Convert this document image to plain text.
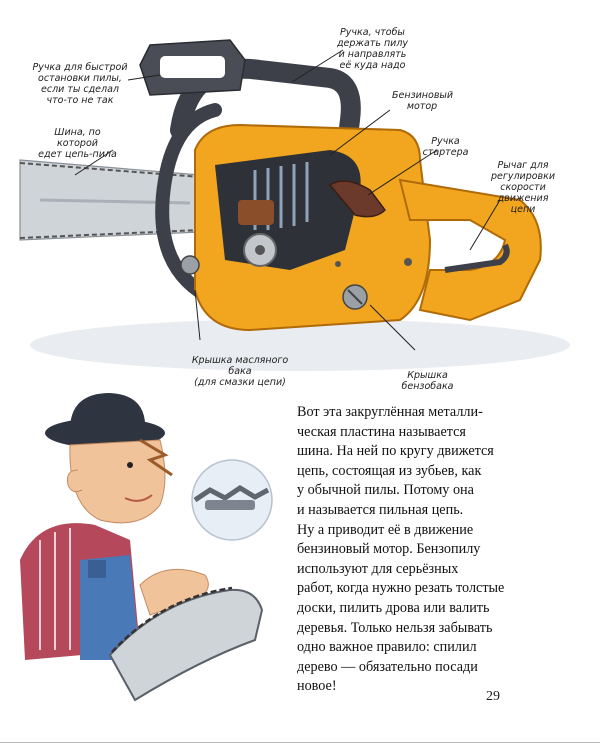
Ручка для быстрой
остановки пилы,
если ты сделал
что-то не так
Шина, по которой
едет цепь-пила
Ручка, чтобы
держать пилу
и направлять
её куда надо
Бензиновый
мотор
Ручка
стартера
Рычаг для
регулировки
скорости
движения
цепи
Крышка масляного бака
(для смазки цепи)
Крышка
бензобака
Вот эта закруглённая металли-
ческая пластина называется
шина. На ней по кругу движется
цепь, состоящая из зубьев, как
у обычной пилы. Потому она
и называется пильная цепь.
Ну а приводит её в движение
бензиновый мотор. Бензопилу
используют для серьёзных
работ, когда нужно резать толстые
доски, пилить дрова или валить
деревья. Только нельзя забывать
одно важное правило: спилил
дерево — обязательно посади
новое!
29
